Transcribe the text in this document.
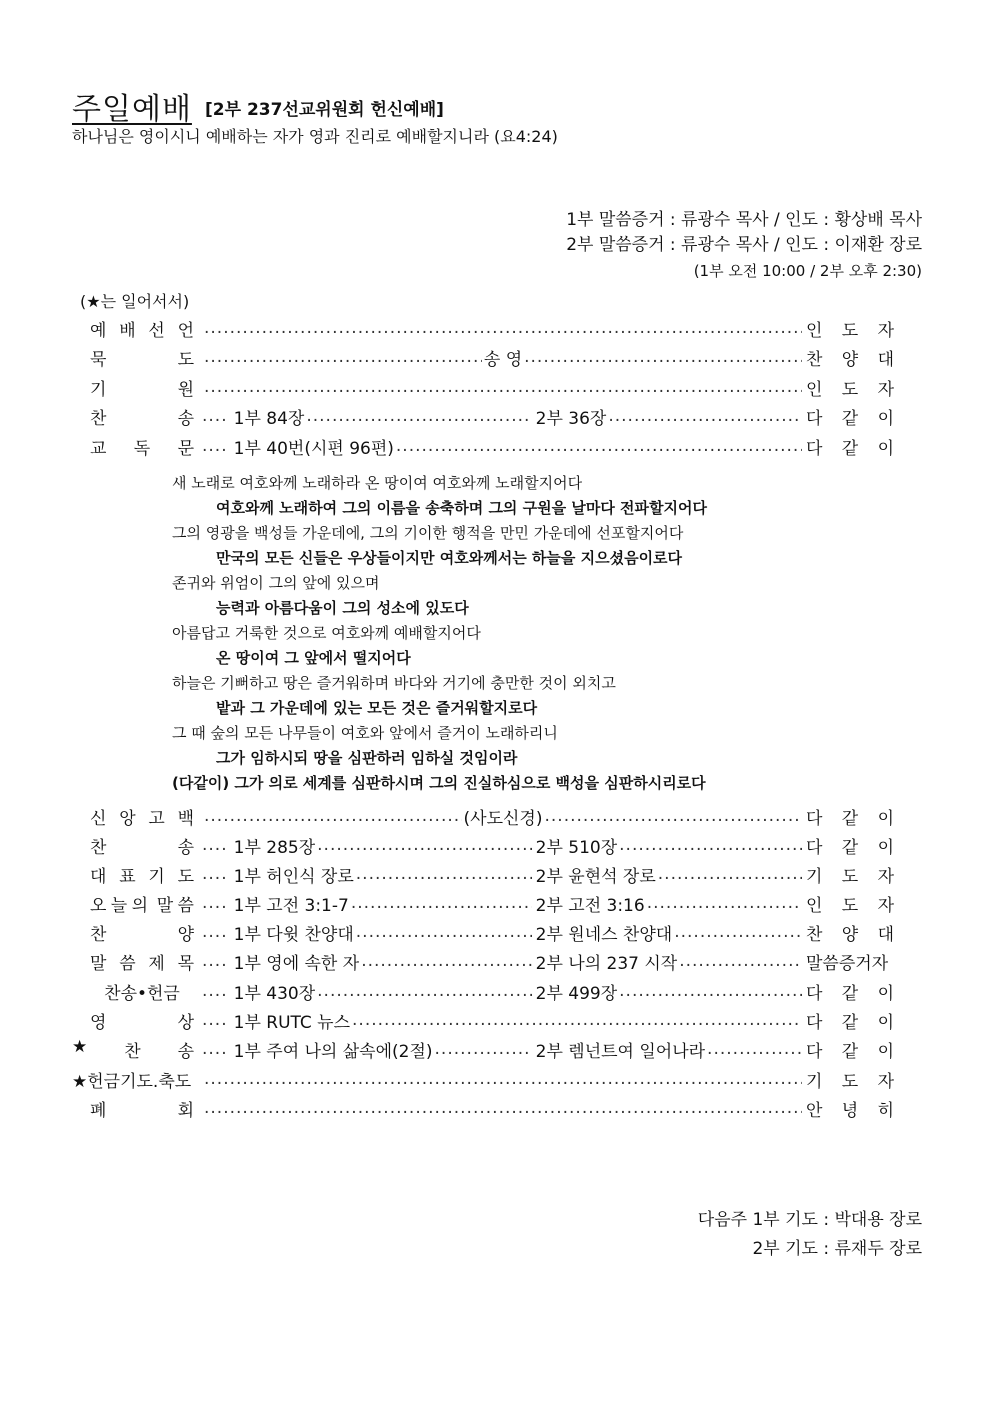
주일예배 [2부 237선교위원회 헌신예배]
하나님은 영이시니 예배하는 자가 영과 진리로 예배할지니라 (요4:24)
1부 말씀증거 : 류광수 목사 / 인도 : 황상배 목사
2부 말씀증거 : 류광수 목사 / 인도 : 이재환 장로
(1부 오전 10:00 / 2부 오후 2:30)
(★는 일어서서)
예 배 선 언 .....	인 도 자
묵	도 .....	송 영 .....	찬 양 대
기	원 .....	인 도 자
찬	송 .... 1부 84장 .....	2부 36장 .....	다 같 이
교 독 문 .... 1부 40번(시편 96편) .....	다 같 이
새 노래로 여호와께 노래하라 온 땅이여 여호와께 노래할지어다
여호와께 노래하여 그의 이름을 송축하며 그의 구원을 날마다 전파할지어다
그의 영광을 백성들 가운데에, 그의 기이한 행적을 만민 가운데에 선포할지어다
만국의 모든 신들은 우상들이지만 여호와께서는 하늘을 지으셨음이로다
존귀와 위엄이 그의 앞에 있으며
능력과 아름다움이 그의 성소에 있도다
아름답고 거룩한 것으로 여호와께 예배할지어다
온 땅이여 그 앞에서 떨지어다
하늘은 기뻐하고 땅은 즐거워하며 바다와 거기에 충만한 것이 외치고
밭과 그 가운데에 있는 모든 것은 즐거워할지로다
그 때 숲의 모든 나무들이 여호와 앞에서 즐거이 노래하리니
그가 임하시되 땅을 심판하러 임하실 것임이라
(다같이) 그가 의로 세계를 심판하시며 그의 진실하심으로 백성을 심판하시리로다
신 앙 고 백 .....	(사도신경) .....	다 같 이
찬	송 .... 1부 285장 .....	2부 510장 .....	다 같 이
대 표 기 도 .... 1부 허인식 장로 .....	2부 윤현석 장로 .....	기 도 자
오 늘 의 말 씀 .... 1부 고전 3:1-7 .....	2부 고전 3:16 .....	인 도 자
찬	양 .... 1부 다윗 찬양대 .....	2부 원네스 찬양대 .....	찬 양 대
말 씀 제 목 .... 1부 영에 속한 자 .....	2부 나의 237 시작 .....	말씀증거자
찬송•헌금	.... 1부 430장 .....	2부 499장 .....	다 같 이
영	상 .... 1부 RUTC 뉴스 .....	다 같 이
★ 찬 송 .... 1부 주여 나의 삶속에(2절) .....	2부 렘넌트여 일어나라 .....	다 같 이
★헌금기도.축도 .....	기 도 자
폐	회 .....	안 녕 히
다음주 1부 기도 : 박대용 장로
2부 기도 : 류재두 장로
